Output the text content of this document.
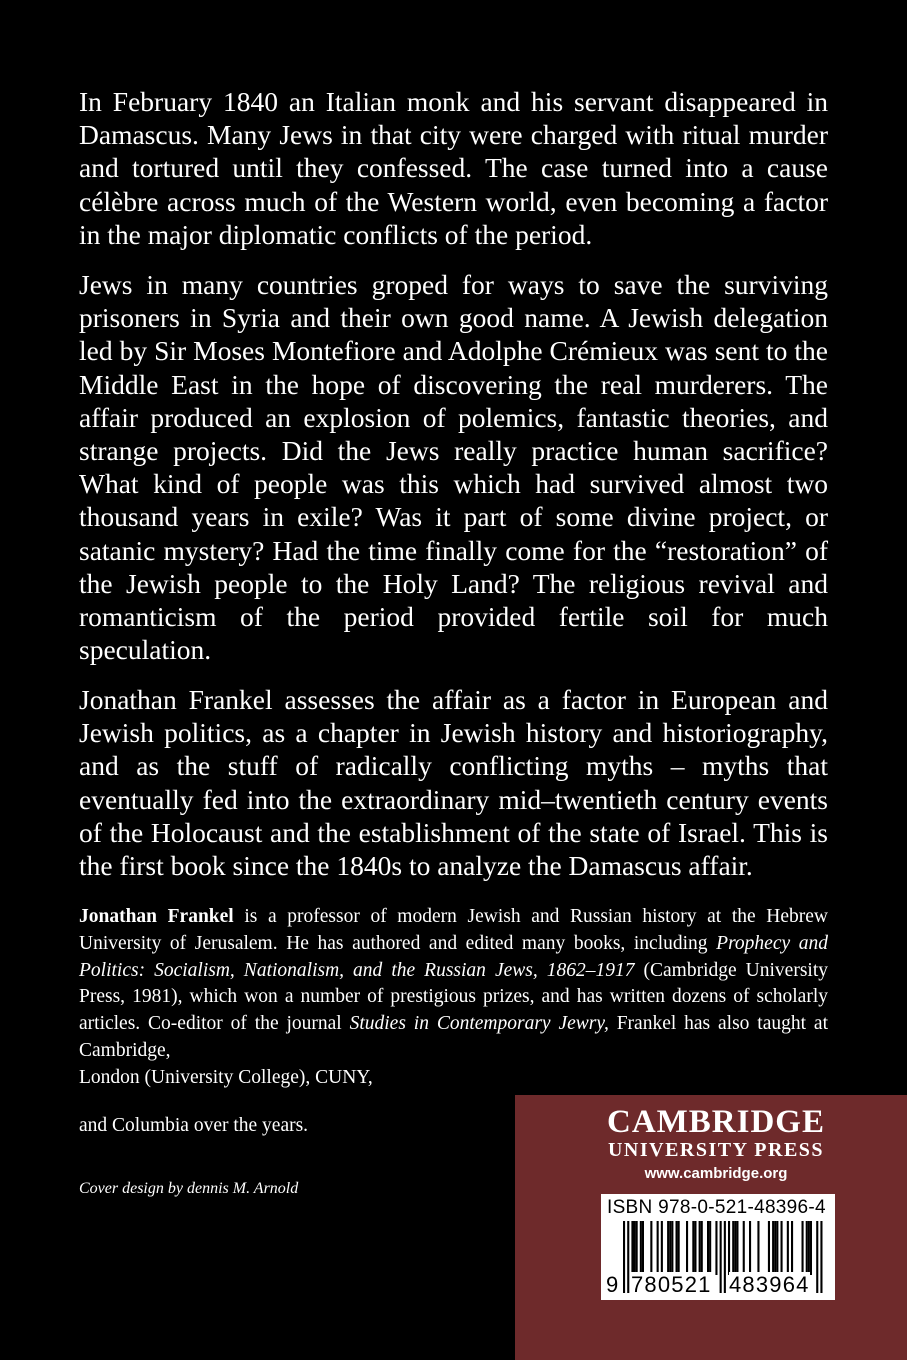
In February 1840 an Italian monk and his servant disappeared in Damascus. Many Jews in that city were charged with ritual murder and tortured until they confessed. The case turned into a cause célèbre across much of the Western world, even becoming a factor in the major diplomatic conflicts of the period.

Jews in many countries groped for ways to save the surviving prisoners in Syria and their own good name. A Jewish delegation led by Sir Moses Montefiore and Adolphe Crémieux was sent to the Middle East in the hope of discovering the real murderers. The affair produced an explosion of polemics, fantastic theories, and strange projects. Did the Jews really practice human sacrifice? What kind of people was this which had survived almost two thousand years in exile? Was it part of some divine project, or satanic mystery? Had the time finally come for the “restoration” of the Jewish people to the Holy Land? The religious revival and romanticism of the period provided fertile soil for much speculation.

Jonathan Frankel assesses the affair as a factor in European and Jewish politics, as a chapter in Jewish history and historiography, and as the stuff of radically conflicting myths – myths that eventually fed into the extraordinary mid–twentieth century events of the Holocaust and the establishment of the state of Israel. This is the first book since the 1840s to analyze the Damascus affair.

Jonathan Frankel is a professor of modern Jewish and Russian history at the Hebrew University of Jerusalem. He has authored and edited many books, including Prophecy and Politics: Socialism, Nationalism, and the Russian Jews, 1862–1917 (Cambridge University Press, 1981), which won a number of prestigious prizes, and has written dozens of scholarly articles. Co-editor of the journal Studies in Contemporary Jewry, Frankel has also taught at Cambridge,

London (University College), CUNY,

and Columbia over the years.

Cover design by dennis M. Arnold

CAMBRIDGE
UNIVERSITY PRESS
www.cambridge.org
ISBN 978-0-521-48396-4
9 780521 483964
